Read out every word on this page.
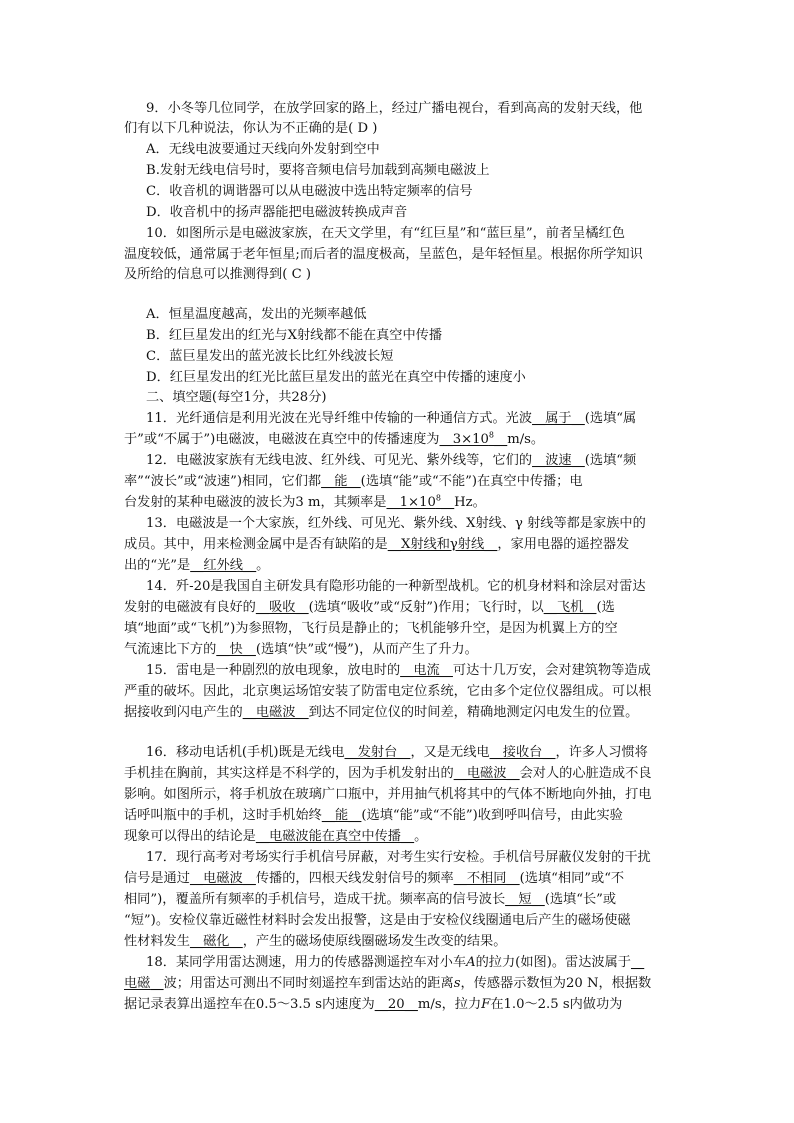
9．小冬等几位同学，在放学回家的路上，经过广播电视台，看到高高的发射天线，他
们有以下几种说法，你认为不正确的是( D )
A．无线电波要通过天线向外发射到空中
B.发射无线电信号时，要将音频电信号加载到高频电磁波上
C．收音机的调谐器可以从电磁波中选出特定频率的信号
D．收音机中的扬声器能把电磁波转换成声音
10．如图所示是电磁波家族，在天文学里，有“红巨星”和“蓝巨星”，前者呈橘红色
温度较低，通常属于老年恒星;而后者的温度极高，呈蓝色，是年轻恒星。根据你所学知识
及所给的信息可以推测得到( C )
A．恒星温度越高，发出的光频率越低
B．红巨星发出的红光与X射线都不能在真空中传播
C．蓝巨星发出的蓝光波长比红外线波长短
D．红巨星发出的红光比蓝巨星发出的蓝光在真空中传播的速度小
二、填空题(每空1分，共28分)
11．光纤通信是利用光波在光导纤维中传输的一种通信方式。光波__属于__(选填“属
于”或“不属于”)电磁波，电磁波在真空中的传播速度为$\_\_3\times 10^8\_\_m/s$。
12．电磁波家族有无线电波、红外线、可见光、紫外线等，它们的__波速__(选填“频
率”“波长”或“波速”)相同，它们都__能__(选填“能”或“不能”)在真空中传播；电
台发射的某种电磁波的波长为3 m，其频率是$\_\_1\times 10^8\_\_Hz$。
13．电磁波是一个大家族，红外线、可见光、紫外线、X射线、γ 射线等都是家族中的
成员。其中，用来检测金属中是否有缺陷的是__X射线和γ射线__，家用电器的遥控器发
出的“光”是__红外线__。
14．歼-20是我国自主研发具有隐形功能的一种新型战机。它的机身材料和涂层对雷达
发射的电磁波有良好的__吸收__(选填“吸收”或“反射”)作用；飞行时，以__飞机__(选
填“地面”或“飞机”)为参照物，飞行员是静止的；飞机能够升空，是因为机翼上方的空
气流速比下方的__快__(选填“快”或“慢”)，从而产生了升力。
15．雷电是一种剧烈的放电现象，放电时的__电流__可达十几万安，会对建筑物等造成
严重的破坏。因此，北京奥运场馆安装了防雷电定位系统，它由多个定位仪器组成。可以根
据接收到闪电产生的__电磁波__到达不同定位仪的时间差，精确地测定闪电发生的位置。
16．移动电话机(手机)既是无线电__发射台__，又是无线电__接收台__，许多人习惯将
手机挂在胸前，其实这样是不科学的，因为手机发射出的__电磁波__会对人的心脏造成不良
影响。如图所示，将手机放在玻璃广口瓶中，并用抽气机将其中的气体不断地向外抽，打电
话呼叫瓶中的手机，这时手机始终__能__(选填“能”或“不能”)收到呼叫信号，由此实验
现象可以得出的结论是__电磁波能在真空中传播__。
17．现行高考对考场实行手机信号屏蔽，对考生实行安检。手机信号屏蔽仪发射的干扰
信号是通过__电磁波__传播的，四根天线发射信号的频率__不相同__(选填“相同”或“不
相同”)，覆盖所有频率的手机信号，造成干扰。频率高的信号波长__短__(选填“长”或
“短”)。安检仪靠近磁性材料时会发出报警，这是由于安检仪线圈通电后产生的磁场使磁
性材料发生__磁化__，产生的磁场使原线圈磁场发生改变的结果。
18．某同学用雷达测速，用力的传感器测遥控车对小车A的拉力(如图)。雷达波属于__
电磁__波；用雷达可测出不同时刻遥控车到雷达站的距离s，传感器示数恒为20 N，根据数
据记录表算出遥控车在0.5～3.5 s内速度为__20__m/s，拉力F在1.0～2.5 s内做功为
